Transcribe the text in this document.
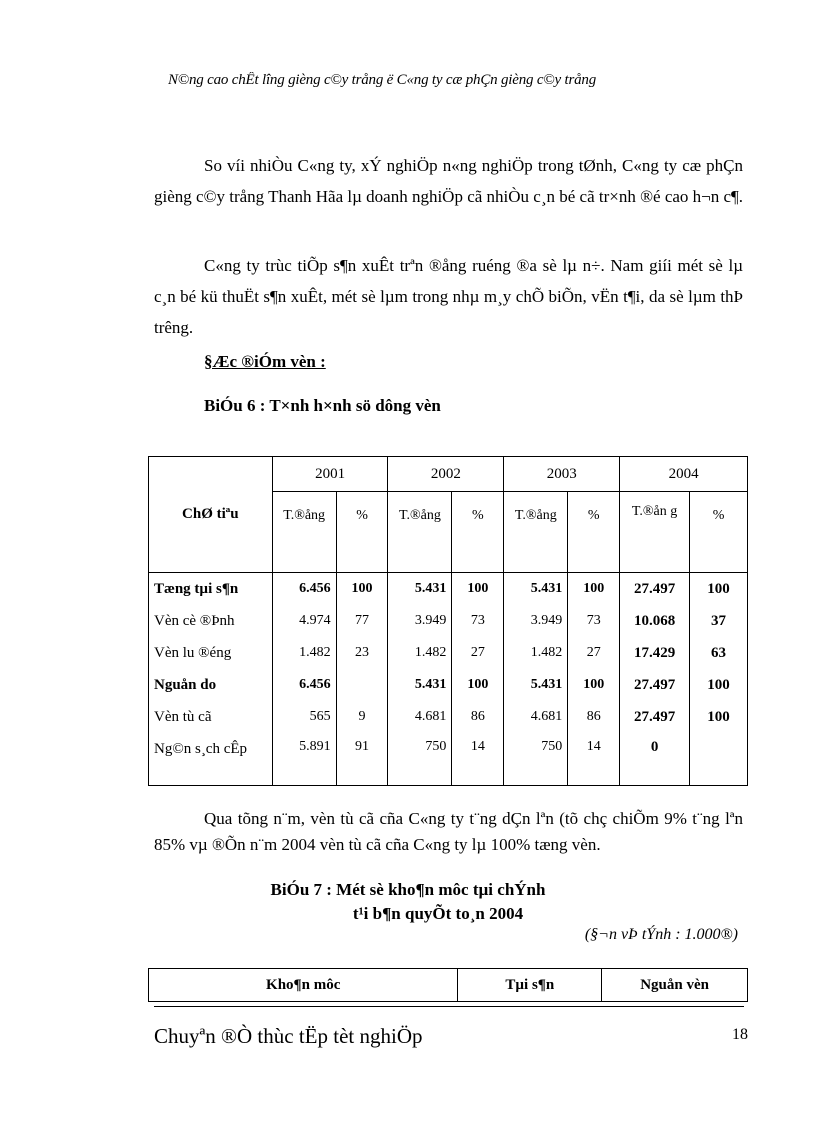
N©ng cao chÊt lîng gièng c©y trång ë C«ng ty cæ phÇn gièng c©y trång

So víi nhiÒu C«ng ty, xÝ nghiÖp n«ng nghiÖp trong tØnh, C«ng ty cæ phÇn gièng c©y trång Thanh Hãa lµ doanh nghiÖp cã nhiÒu c¸n bé cã tr×nh ®é cao h¬n c¶.

C«ng ty trùc tiÕp s¶n xuÊt trªn ®ång ruéng ®a sè lµ n÷. Nam giíi mét sè lµ c¸n bé kü thuËt s¶n xuÊt, mét sè lµm trong nhµ m¸y chÕ biÕn, vËn t¶i, da sè lµm thÞ trêng.

§Æc ®iÓm vèn :
BiÓu 6 : T×nh h×nh sö dông vèn
ChØ tiªu	2001		2002		2003		2004	
	T.®ång	%	T.®ång	%	T.®ång	%	T.®ån g	%
Tæng tµi s¶n	6.456	100	5.431	100	5.431	100	27.497	100
Vèn cè ®Þnh	4.974	77	3.949	73	3.949	73	10.068	37
Vèn lu ®éng	1.482	23	1.482	27	1.482	27	17.429	63
Nguån do	6.456		5.431	100	5.431	100	27.497	100
Vèn tù cã	565	9	4.681	86	4.681	86	27.497	100
Ng©n s¸ch cÊp	5.891	91	750	14	750	14	0	

Qua tõng n¨m, vèn tù cã cña C«ng ty t¨ng dÇn lªn (tõ chç chiÕm 9% t¨ng lªn 85% vµ ®Õn n¨m 2004 vèn tù cã cña C«ng ty lµ 100% tæng vèn.

BiÓu 7 : Mét sè kho¶n môc tµi chÝnh
t¹i b¶n quyÕt to¸n 2004
(§¬n vÞ tÝnh : 1.000®)
Kho¶n môc	Tµi s¶n	Nguån vèn
Chuyªn ®Ò thùc tËp tèt nghiÖp	18
